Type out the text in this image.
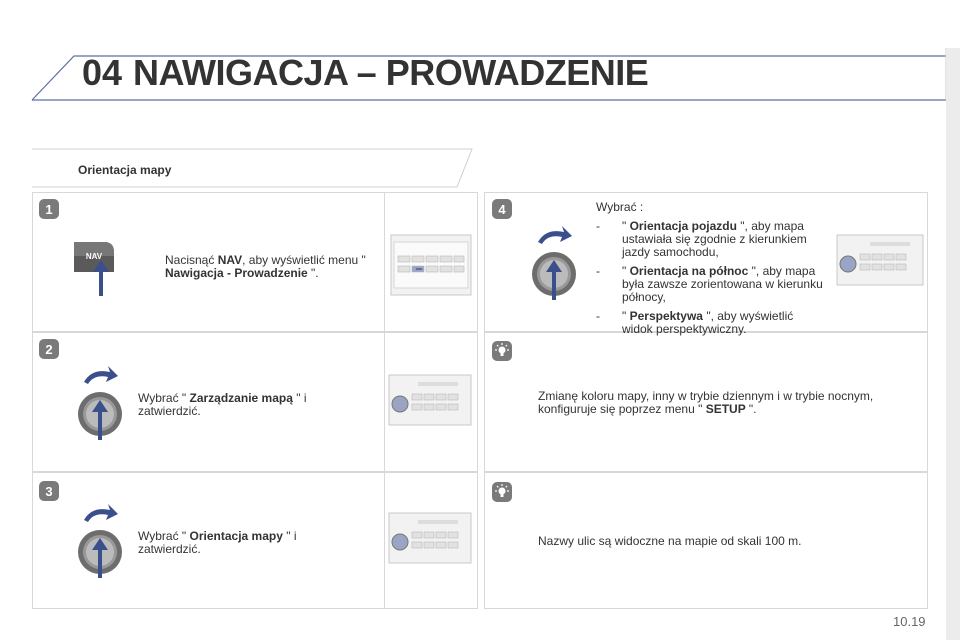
04 NAWIGACJA – PROWADZENIE
Orientacja mapy
1
2
3
4
NAV	Nacisnąć NAV, aby wyświetlić menu " Nawigacja - Prowadzenie ".
Wybrać " Zarządzanie mapą " i zatwierdzić.
Wybrać " Orientacja mapy " i zatwierdzić.
Wybrać :
- " Orientacja pojazdu ", aby mapa ustawiała się zgodnie z kierunkiem jazdy samochodu,
- " Orientacja na północ ", aby mapa była zawsze zorientowana w kierunku północy,
- " Perspektywa ", aby wyświetlić widok perspektywiczny.
Zmianę koloru mapy, inny w trybie dziennym i w trybie nocnym, konfiguruje się poprzez menu " SETUP ".
Nazwy ulic są widoczne na mapie od skali 100 m.
10.19
